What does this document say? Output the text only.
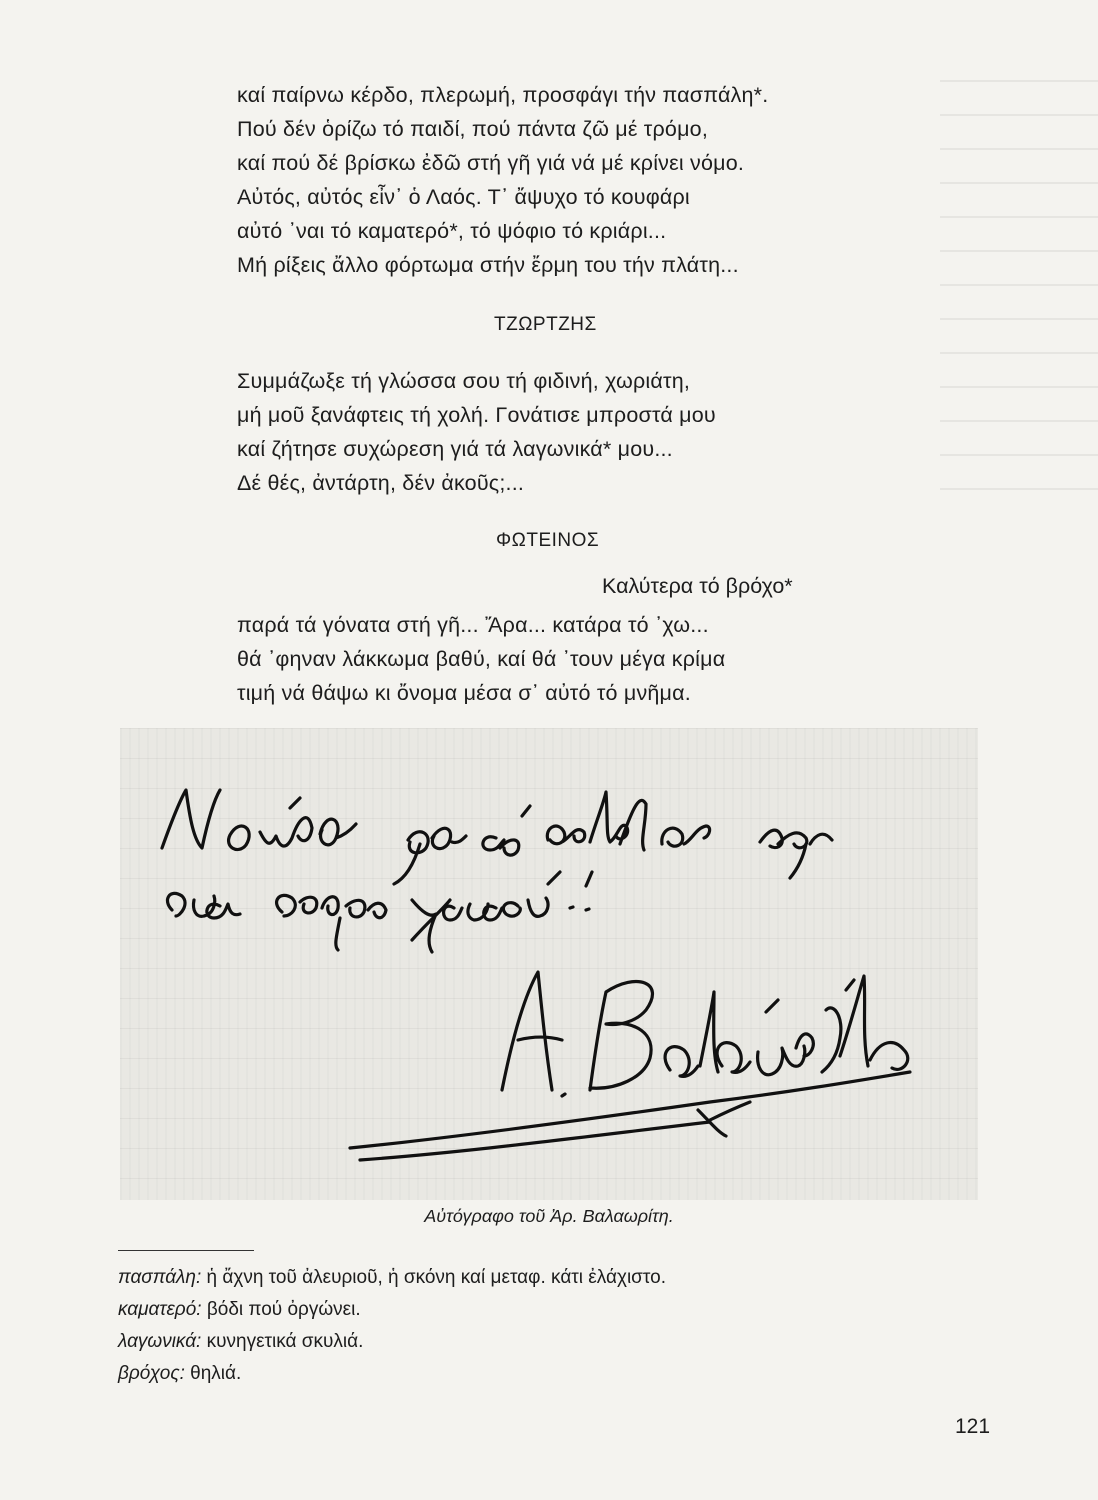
καί παίρνω κέρδο, πλερωμή, προσφάγι τήν πασπάλη*.
Πού δέν ὁρίζω τό παιδί, πού πάντα ζῶ μέ τρόμο,
καί πού δέ βρίσκω ἐδῶ στή γῆ γιά νά μέ κρίνει νόμο.
Αὐτός, αὐτός εἶν᾽ ὁ Λαός. Τ᾽ ἄψυχο τό κουφάρι
αὐτό ᾽ναι τό καματερό*, τό ψόφιο τό κριάρι...
Μή ρίξεις ἄλλο φόρτωμα στήν ἔρμη του τήν πλάτη...
ΤΖΩΡΤΖΗΣ
Συμμάζωξε τή γλώσσα σου τή φιδινή, χωριάτη,
μή μοῦ ξανάφτεις τή χολή. Γονάτισε μπροστά μου
καί ζήτησε συχώρεση γιά τά λαγωνικά* μου...
Δέ θές, ἀντάρτη, δέν ἀκοῦς;...
ΦΩΤΕΙΝΟΣ
Καλύτερα τό βρόχο*
παρά τά γόνατα στή γῆ... Ἄρα... κατάρα τό ᾽χω...
θά ᾽φηναν λάκκωμα βαθύ, καί θά ᾽τουν μέγα κρίμα
τιμή νά θάψω κι ὄνομα μέσα σ᾽ αὐτό τό μνῆμα.
Αὐτόγραφο τοῦ Ἀρ. Βαλαωρίτη.
πασπάλη: ἡ ἄχνη τοῦ ἀλευριοῦ, ἡ σκόνη καί μεταφ. κάτι ἐλάχιστο.
καματερό: βόδι πού ὀργώνει.
λαγωνικά: κυνηγετικά σκυλιά.
βρόχος: θηλιά.
121
